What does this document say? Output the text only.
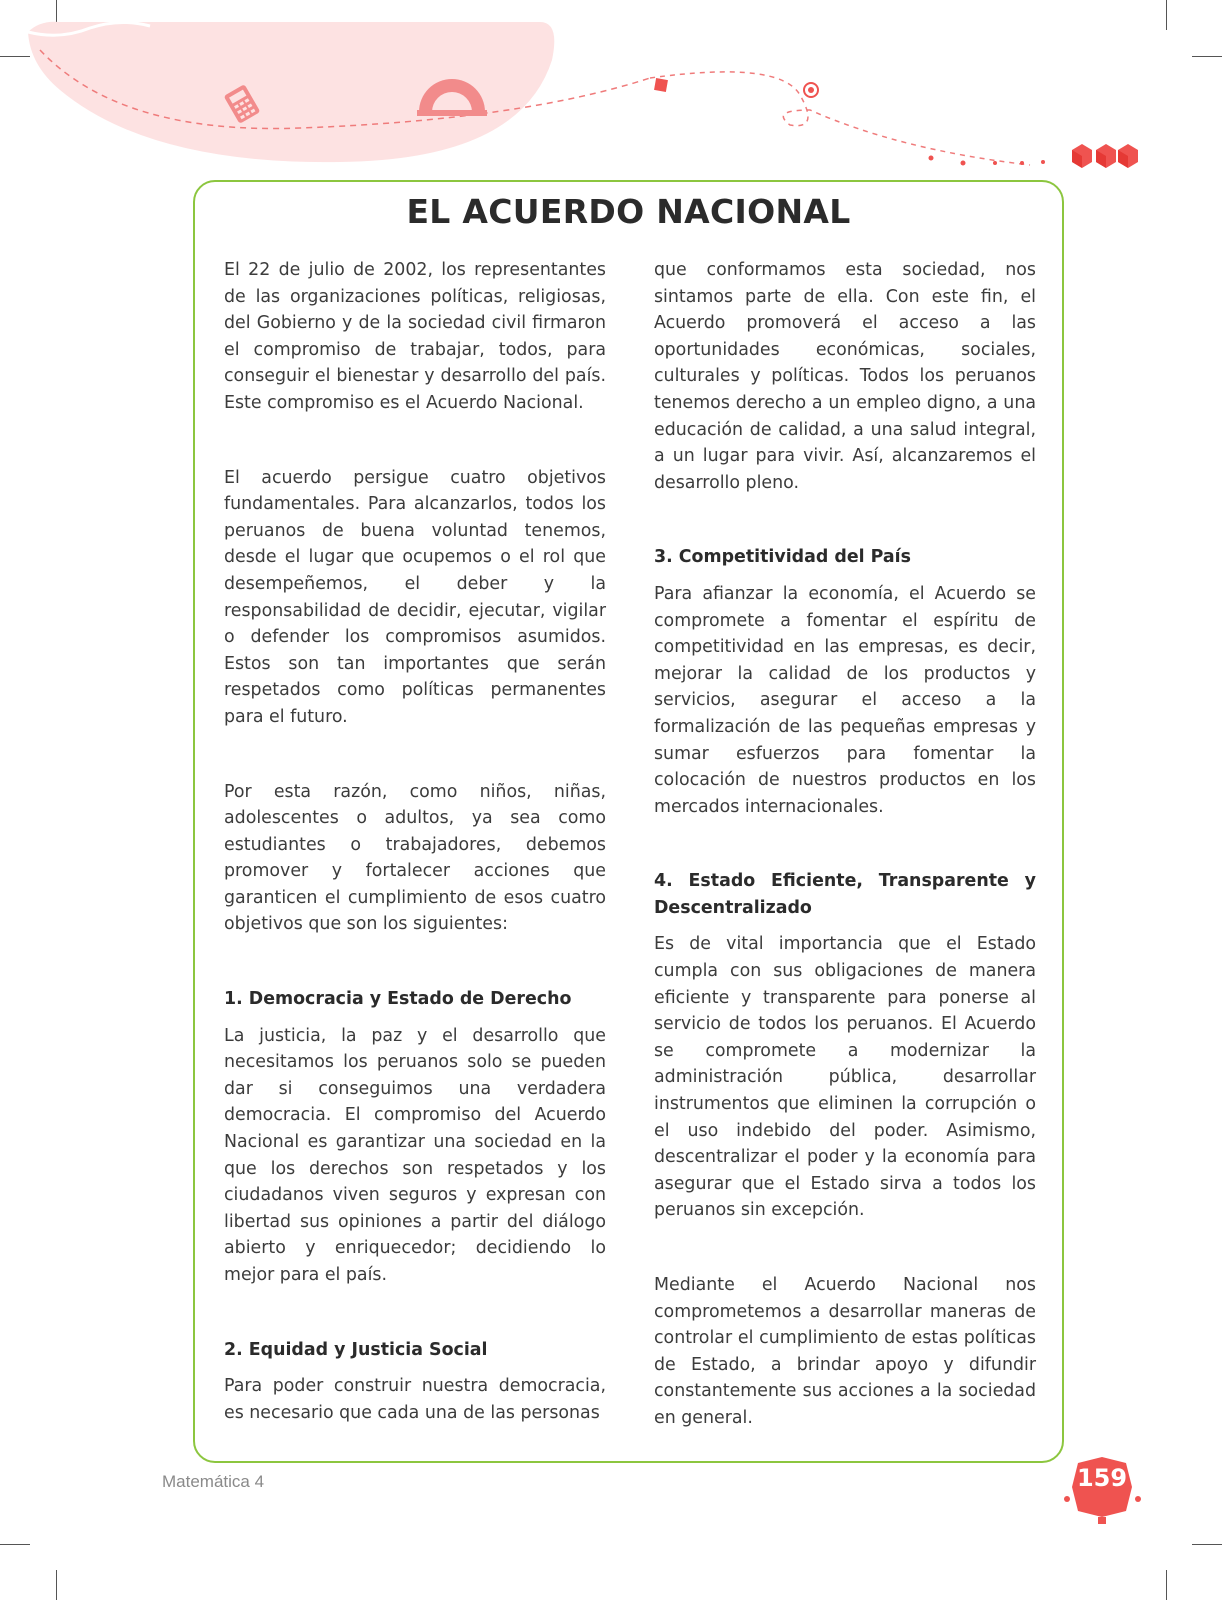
EL ACUERDO NACIONAL

El 22 de julio de 2002, los representantes de las organizaciones políticas, religiosas, del Gobierno y de la sociedad civil firmaron el compromiso de trabajar, todos, para conseguir el bienestar y desarrollo del país. Este compromiso es el Acuerdo Nacional.

El acuerdo persigue cuatro objetivos fundamentales. Para alcanzarlos, todos los peruanos de buena voluntad tenemos, desde el lugar que ocupemos o el rol que desempeñemos, el deber y la responsabilidad de decidir, ejecutar, vigilar o defender los compromisos asumidos. Estos son tan importantes que serán respetados como políticas permanentes para el futuro.

Por esta razón, como niños, niñas, adolescentes o adultos, ya sea como estudiantes o trabajadores, debemos promover y fortalecer acciones que garanticen el cumplimiento de esos cuatro objetivos que son los siguientes:

1. Democracia y Estado de Derecho

La justicia, la paz y el desarrollo que necesitamos los peruanos solo se pueden dar si conseguimos una verdadera democracia. El compromiso del Acuerdo Nacional es garantizar una sociedad en la que los derechos son respetados y los ciudadanos viven seguros y expresan con libertad sus opiniones a partir del diálogo abierto y enriquecedor; decidiendo lo mejor para el país.

2. Equidad y Justicia Social

Para poder construir nuestra democracia, es necesario que cada una de las personas

que conformamos esta sociedad, nos sintamos parte de ella. Con este fin, el Acuerdo promoverá el acceso a las oportunidades económicas, sociales, culturales y políticas. Todos los peruanos tenemos derecho a un empleo digno, a una educación de calidad, a una salud integral, a un lugar para vivir. Así, alcanzaremos el desarrollo pleno.

3. Competitividad del País

Para afianzar la economía, el Acuerdo se compromete a fomentar el espíritu de competitividad en las empresas, es decir, mejorar la calidad de los productos y servicios, asegurar el acceso a la formalización de las pequeñas empresas y sumar esfuerzos para fomentar la colocación de nuestros productos en los mercados internacionales.

4. Estado Eficiente, Transparente y Descentralizado

Es de vital importancia que el Estado cumpla con sus obligaciones de manera eficiente y transparente para ponerse al servicio de todos los peruanos. El Acuerdo se compromete a modernizar la administración pública, desarrollar instrumentos que eliminen la corrupción o el uso indebido del poder. Asimismo, descentralizar el poder y la economía para asegurar que el Estado sirva a todos los peruanos sin excepción.

Mediante el Acuerdo Nacional nos comprometemos a desarrollar maneras de controlar el cumplimiento de estas políticas de Estado, a brindar apoyo y difundir constantemente sus acciones a la sociedad en general.

Matemática 4	159
